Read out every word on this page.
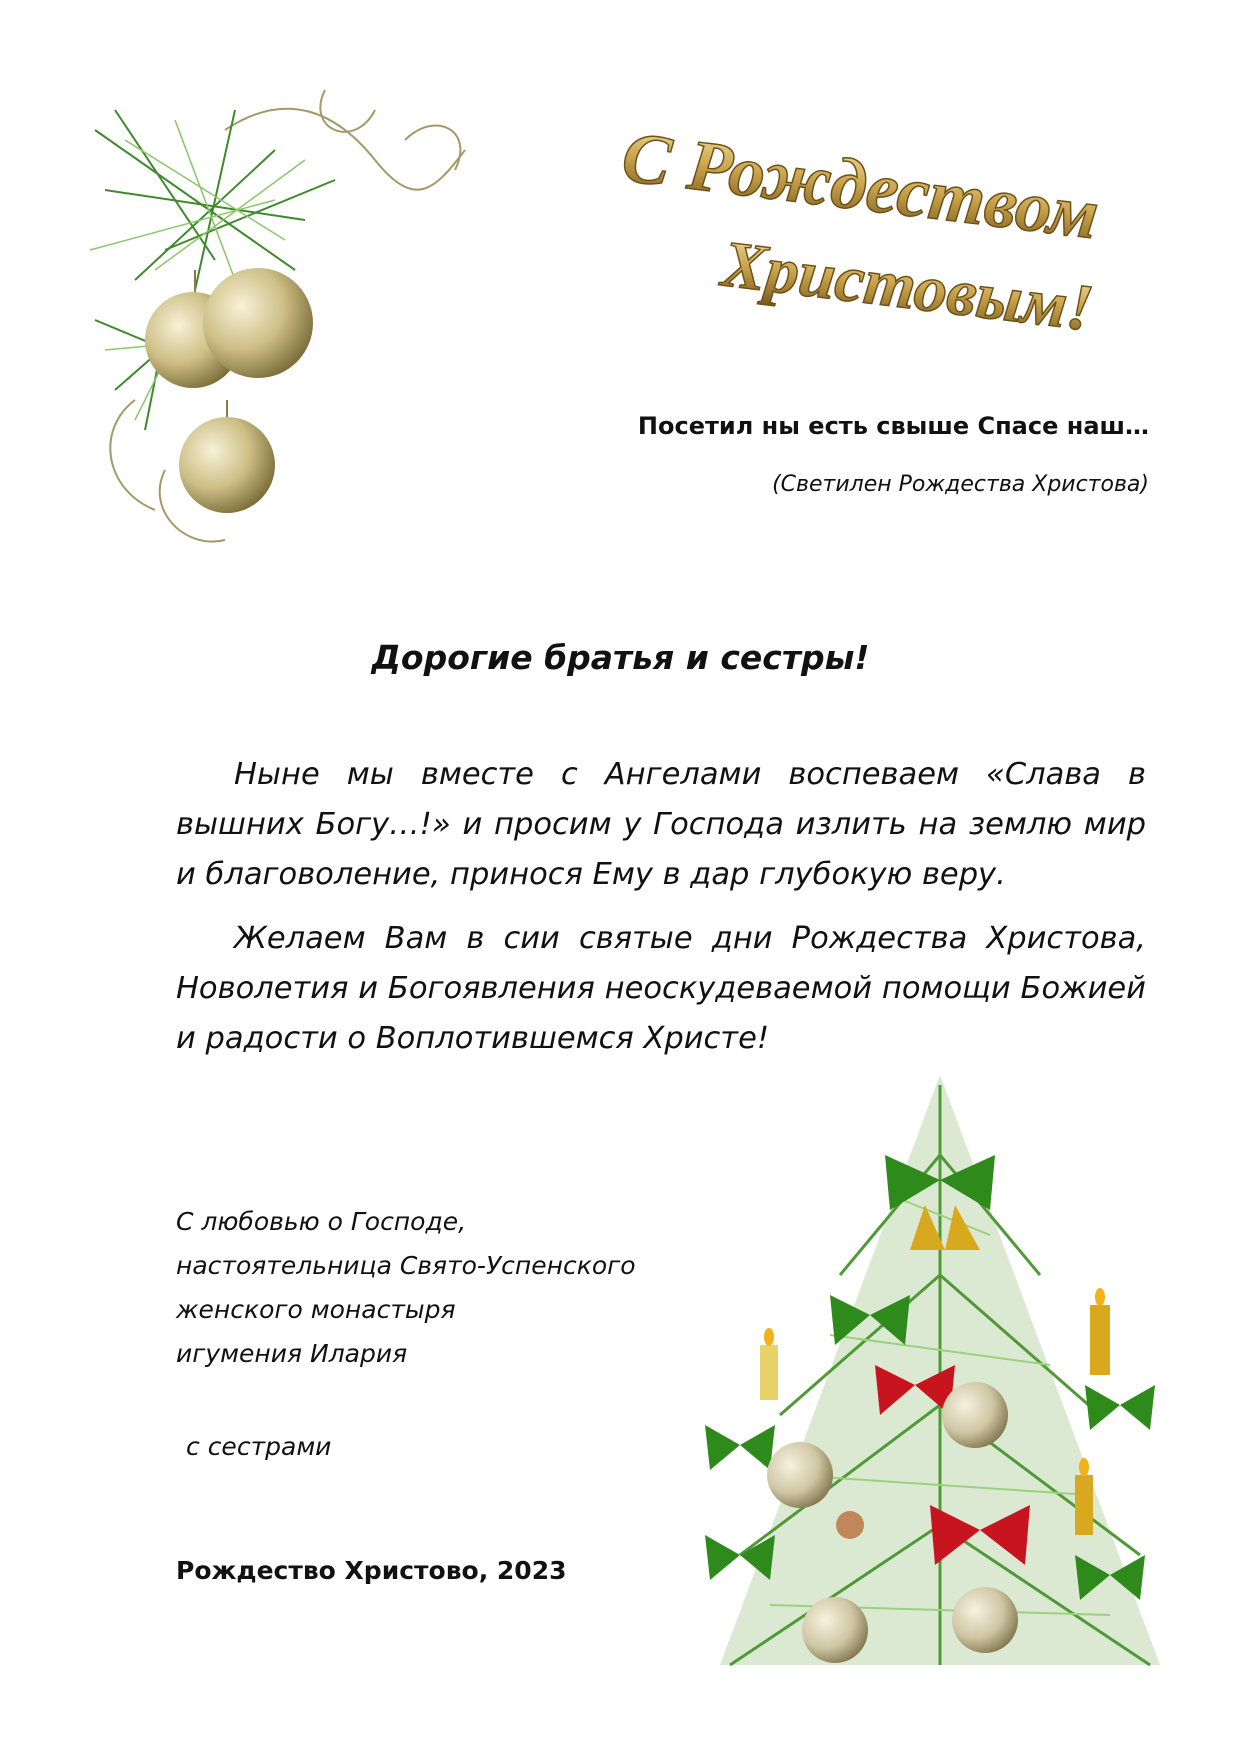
С Рождеством
Христовым!
Посетил ны есть свыше Спасе наш…
(Светилен Рождества Христова)
Дорогие братья и сестры!

Ныне мы вместе с Ангелами воспеваем «Слава в вышних Богу…!» и просим у Господа излить на землю мир и благоволение, принося Ему в дар глубокую веру.

Желаем Вам в сии святые дни Рождества Христова, Новолетия и Богоявления неоскудеваемой помощи Божией и радости о Воплотившемся Христе!

С любовью о Господе,
настоятельница Свято-Успенского
женского монастыря
игумения Илария
с сестрами
Рождество Христово, 2023
